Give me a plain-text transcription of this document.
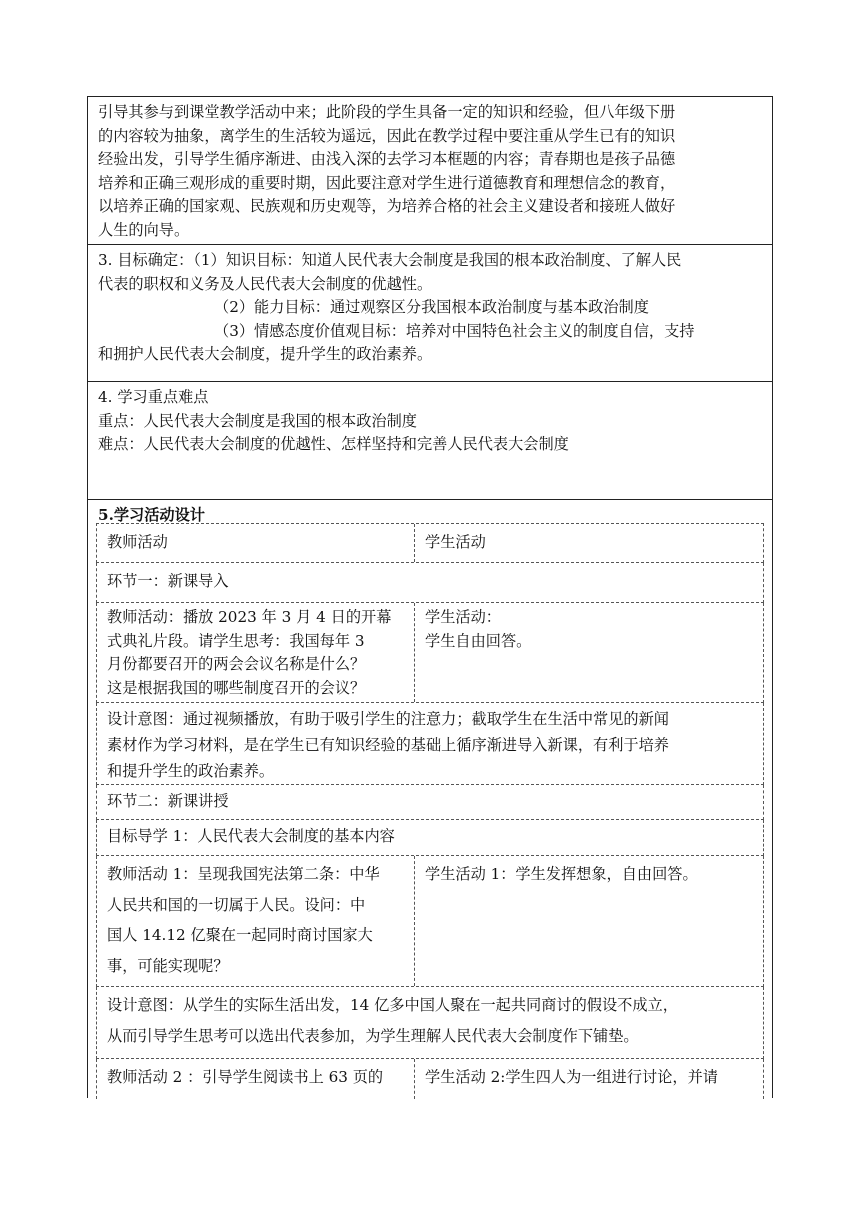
引导其参与到课堂教学活动中来；此阶段的学生具备一定的知识和经验，但八年级下册

的内容较为抽象，离学生的生活较为遥远，因此在教学过程中要注重从学生已有的知识

经验出发，引导学生循序渐进、由浅入深的去学习本框题的内容；青春期也是孩子品德

培养和正确三观形成的重要时期，因此要注意对学生进行道德教育和理想信念的教育，

以培养正确的国家观、民族观和历史观等，为培养合格的社会主义建设者和接班人做好

人生的向导。

3. 目标确定：（1）知识目标：知道人民代表大会制度是我国的根本政治制度、了解人民

代表的职权和义务及人民代表大会制度的优越性。

（2）能力目标：通过观察区分我国根本政治制度与基本政治制度

（3）情感态度价值观目标：培养对中国特色社会主义的制度自信，支持

和拥护人民代表大会制度，提升学生的政治素养。

4. 学习重点难点

重点：人民代表大会制度是我国的根本政治制度

难点：人民代表大会制度的优越性、怎样坚持和完善人民代表大会制度

5.学习活动设计
教师活动	学生活动
环节一：新课导入
教师活动：播放 2023 年 3 月 4 日的开幕
式典礼片段。请学生思考：我国每年 3
月份都要召开的两会会议名称是什么？
这是根据我国的哪些制度召开的会议？
学生活动：
学生自由回答。
设计意图：通过视频播放，有助于吸引学生的注意力；截取学生在生活中常见的新闻
素材作为学习材料，是在学生已有知识经验的基础上循序渐进导入新课，有利于培养
和提升学生的政治素养。
环节二：新课讲授
目标导学 1：人民代表大会制度的基本内容
教师活动 1：呈现我国宪法第二条：中华
人民共和国的一切属于人民。设问：中
国人 14.12 亿聚在一起同时商讨国家大
事，可能实现呢？
学生活动 1：学生发挥想象，自由回答。
设计意图：从学生的实际生活出发，14 亿多中国人聚在一起共同商讨的假设不成立，
从而引导学生思考可以选出代表参加，为学生理解人民代表大会制度作下铺垫。
教师活动 2 ：引导学生阅读书上 63 页的	学生活动 2:学生四人为一组进行讨论，并请
